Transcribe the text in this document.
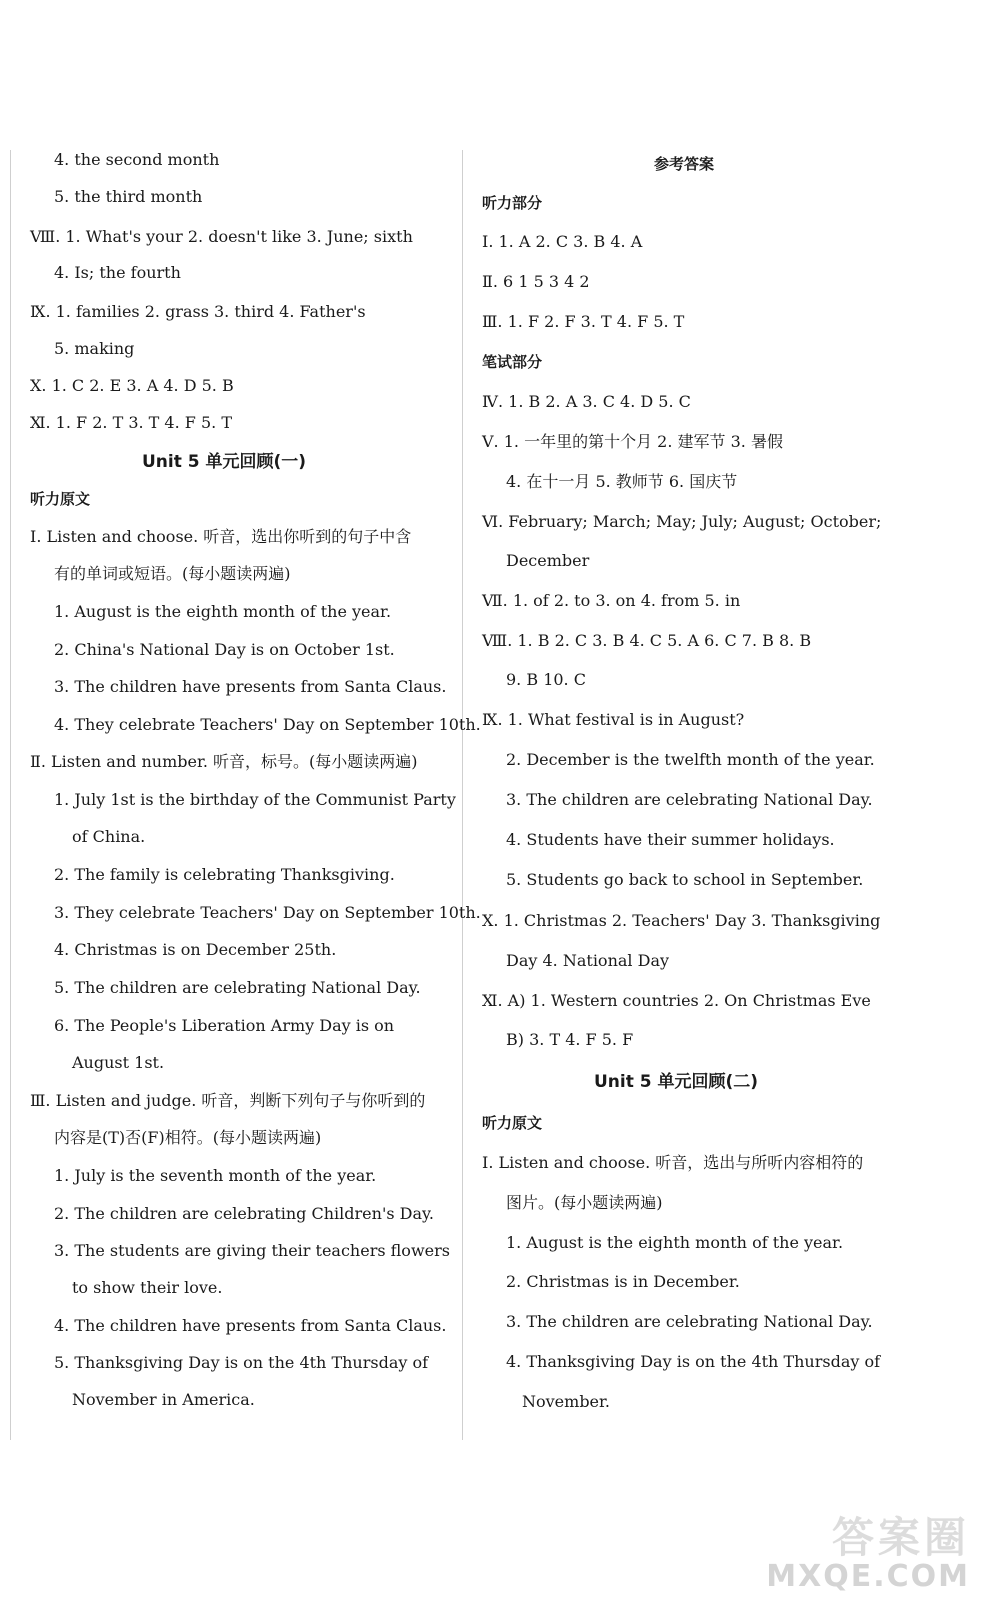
4. the second month
5. the third month
Ⅷ. 1. What's your 2. doesn't like 3. June; sixth
4. Is; the fourth
Ⅸ. 1. families 2. grass 3. third 4. Father's
5. making
Ⅹ. 1. C 2. E 3. A 4. D 5. B
Ⅺ. 1. F 2. T 3. T 4. F 5. T
Unit 5 单元回顾(一)
听力原文
Ⅰ. Listen and choose. 听音，选出你听到的句子中含
有的单词或短语。(每小题读两遍)
1. August is the eighth month of the year.
2. China's National Day is on October 1st.
3. The children have presents from Santa Claus.
4. They celebrate Teachers' Day on September 10th.
Ⅱ. Listen and number. 听音，标号。(每小题读两遍)
1. July 1st is the birthday of the Communist Party
of China.
2. The family is celebrating Thanksgiving.
3. They celebrate Teachers' Day on September 10th.
4. Christmas is on December 25th.
5. The children are celebrating National Day.
6. The People's Liberation Army Day is on
August 1st.
Ⅲ. Listen and judge. 听音，判断下列句子与你听到的
内容是(T)否(F)相符。(每小题读两遍)
1. July is the seventh month of the year.
2. The children are celebrating Children's Day.
3. The students are giving their teachers flowers
to show their love.
4. The children have presents from Santa Claus.
5. Thanksgiving Day is on the 4th Thursday of
November in America.
参考答案
听力部分
Ⅰ. 1. A 2. C 3. B 4. A
Ⅱ. 6 1 5 3 4 2
Ⅲ. 1. F 2. F 3. T 4. F 5. T
笔试部分
Ⅳ. 1. B 2. A 3. C 4. D 5. C
Ⅴ. 1. 一年里的第十个月 2. 建军节 3. 暑假
4. 在十一月 5. 教师节 6. 国庆节
Ⅵ. February; March; May; July; August; October;
December
Ⅶ. 1. of 2. to 3. on 4. from 5. in
Ⅷ. 1. B 2. C 3. B 4. C 5. A 6. C 7. B 8. B
9. B 10. C
Ⅸ. 1. What festival is in August?
2. December is the twelfth month of the year.
3. The children are celebrating National Day.
4. Students have their summer holidays.
5. Students go back to school in September.
Ⅹ. 1. Christmas 2. Teachers' Day 3. Thanksgiving
Day 4. National Day
Ⅺ. A) 1. Western countries 2. On Christmas Eve
B) 3. T 4. F 5. F
Unit 5 单元回顾(二)
听力原文
Ⅰ. Listen and choose. 听音，选出与所听内容相符的
图片。(每小题读两遍)
1. August is the eighth month of the year.
2. Christmas is in December.
3. The children are celebrating National Day.
4. Thanksgiving Day is on the 4th Thursday of
November.
答案圈
MXQE.COM
